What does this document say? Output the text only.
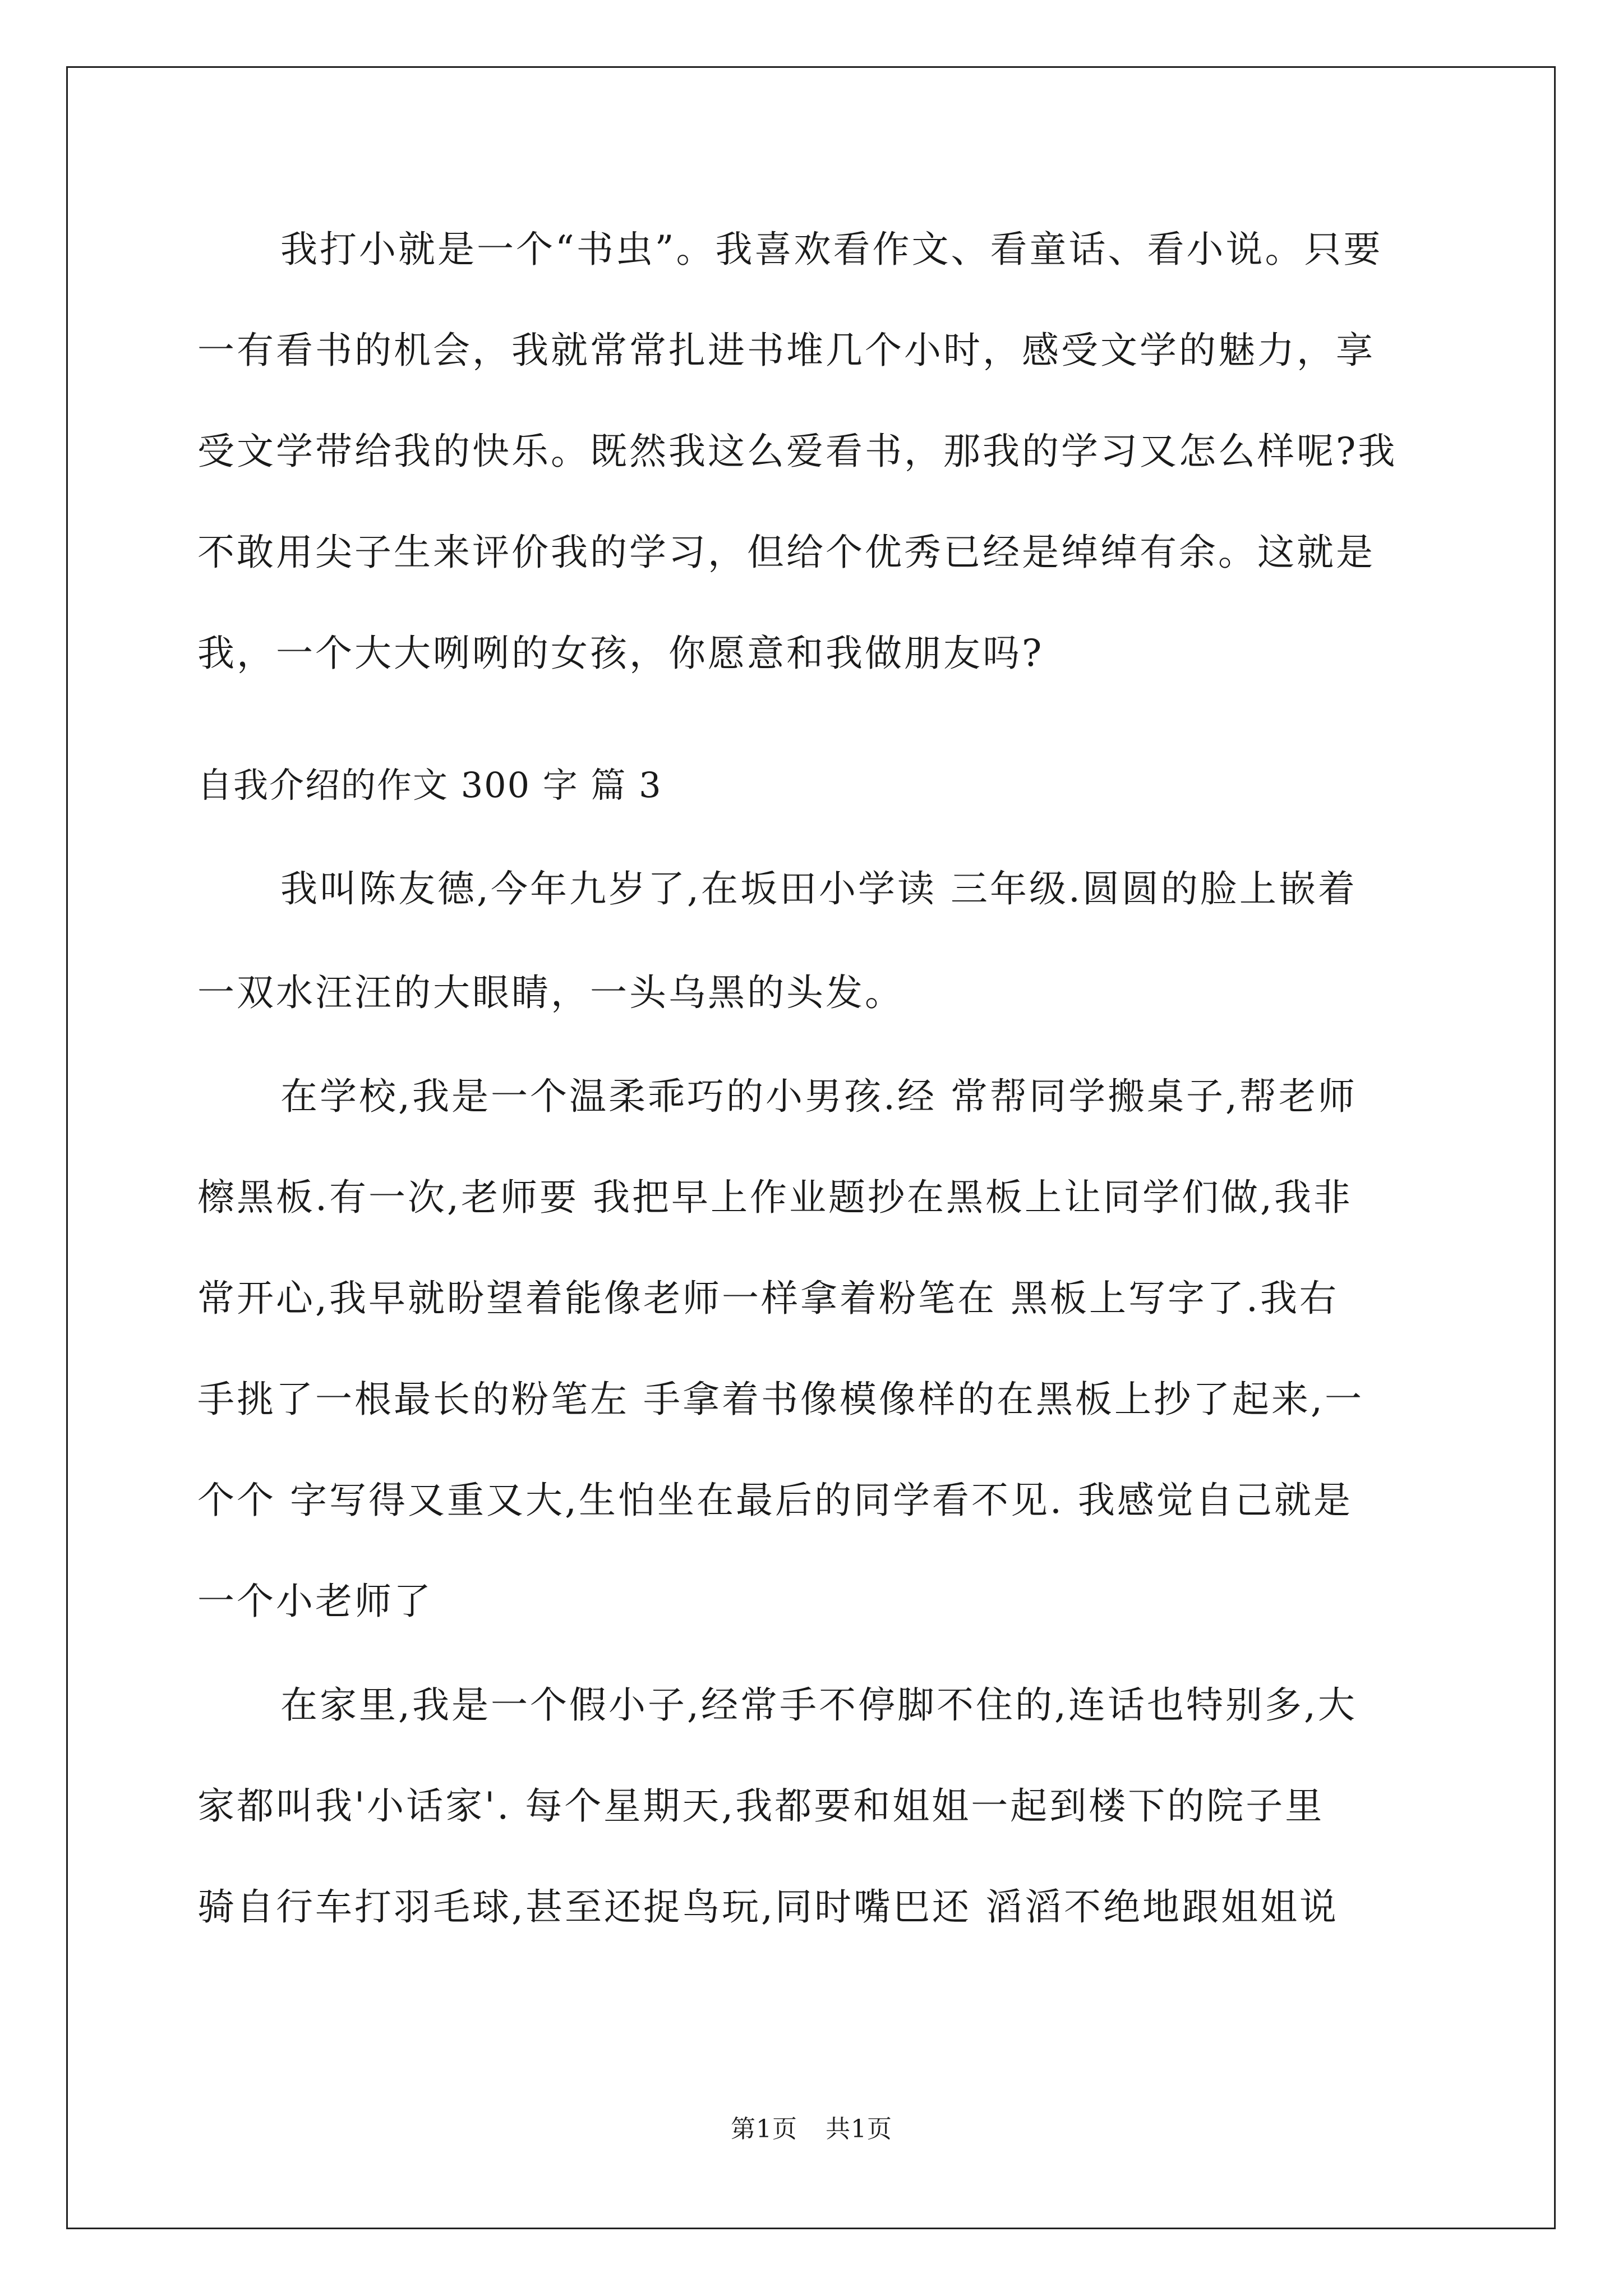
我打小就是一个“书虫”。我喜欢看作文、看童话、看小说。只要
一有看书的机会，我就常常扎进书堆几个小时，感受文学的魅力，享
受文学带给我的快乐。既然我这么爱看书，那我的学习又怎么样呢?我
不敢用尖子生来评价我的学习，但给个优秀已经是绰绰有余。这就是
我，一个大大咧咧的女孩，你愿意和我做朋友吗?
自我介绍的作文 300 字 篇 3
我叫陈友德,今年九岁了,在坂田小学读 三年级.圆圆的脸上嵌着
一双水汪汪的大眼睛，一头乌黑的头发。
在学校,我是一个温柔乖巧的小男孩.经 常帮同学搬桌子,帮老师
檫黑板.有一次,老师要 我把早上作业题抄在黑板上让同学们做,我非
常开心,我早就盼望着能像老师一样拿着粉笔在 黑板上写字了.我右
手挑了一根最长的粉笔左 手拿着书像模像样的在黑板上抄了起来,一
个个 字写得又重又大,生怕坐在最后的同学看不见. 我感觉自己就是
一个小老师了
在家里,我是一个假小子,经常手不停脚不住的,连话也特别多,大
家都叫我'小话家'. 每个星期天,我都要和姐姐一起到楼下的院子里
骑自行车打羽毛球,甚至还捉鸟玩,同时嘴巴还 滔滔不绝地跟姐姐说
第1页 共1页
